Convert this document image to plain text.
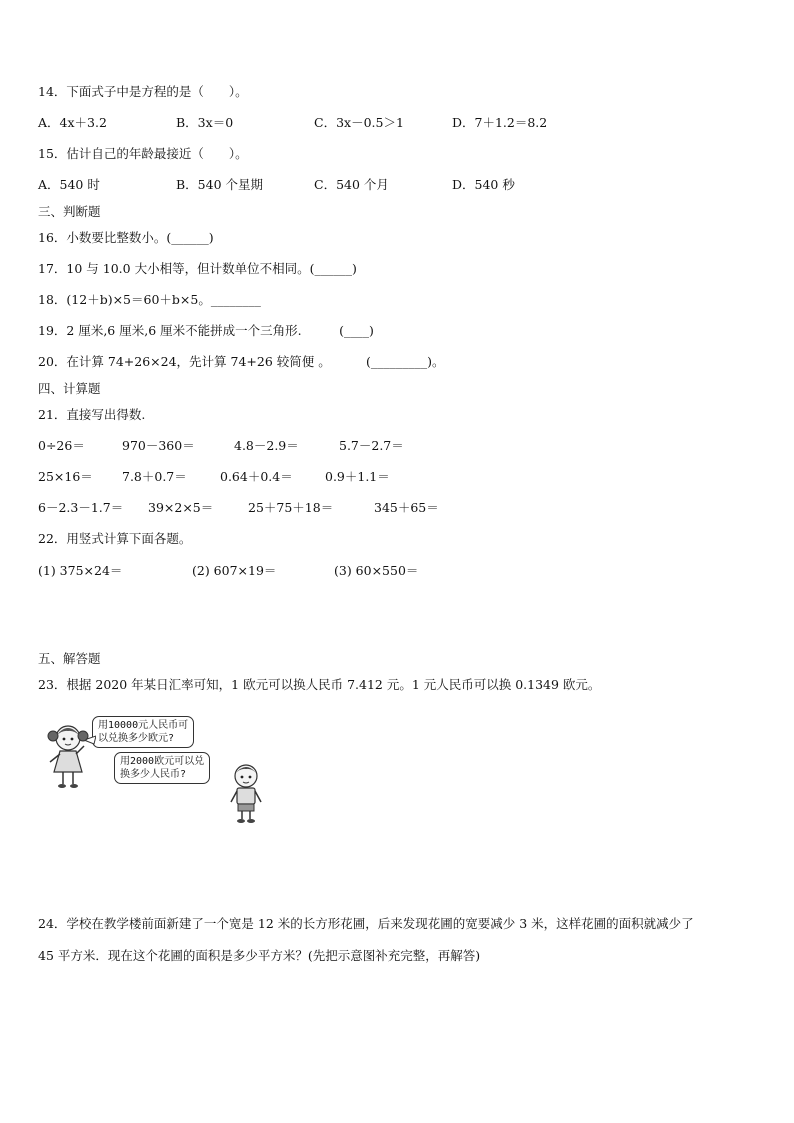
14．下面式子中是方程的是（　　）。
A．4x＋3.2	B．3x＝0	C．3x－0.5＞1	D．7＋1.2＝8.2
15．估计自己的年龄最接近（　　）。
A．540 时	B．540 个星期	C．540 个月	D．540 秒
三、判断题
16．小数要比整数小。(______)
17．10 与 10.0 大小相等，但计数单位不相同。(______)
18．(12＋b)×5＝60＋b×5。________
19．2 厘米,6 厘米,6 厘米不能拼成一个三角形.　　　(____)
20．在计算 74+26×24，先计算 74+26 较简便 。　　　 (_________)。
四、计算题
21．直接写出得数.
0÷26＝	970－360＝	4.8－2.9＝	5.7－2.7＝
25×16＝ 7.8＋0.7＝	0.64＋0.4＝	0.9＋1.1＝
6－2.3－1.7＝ 39×2×5＝	25＋75＋18＝	345＋65＝
22．用竖式计算下面各题。
(1) 375×24＝	(2) 607×19＝	(3) 60×550＝
五、解答题
23．根据 2020 年某日汇率可知，1 欧元可以换人民币 7.412 元。1 元人民币可以换 0.1349 欧元。
用10000元人民币可
以兑换多少欧元?
用2000欧元可以兑
换多少人民币?
24．学校在教学楼前面新建了一个宽是 12 米的长方形花圃，后来发现花圃的宽要减少 3 米，这样花圃的面积就减少了
45 平方米．现在这个花圃的面积是多少平方米？(先把示意图补充完整，再解答)
